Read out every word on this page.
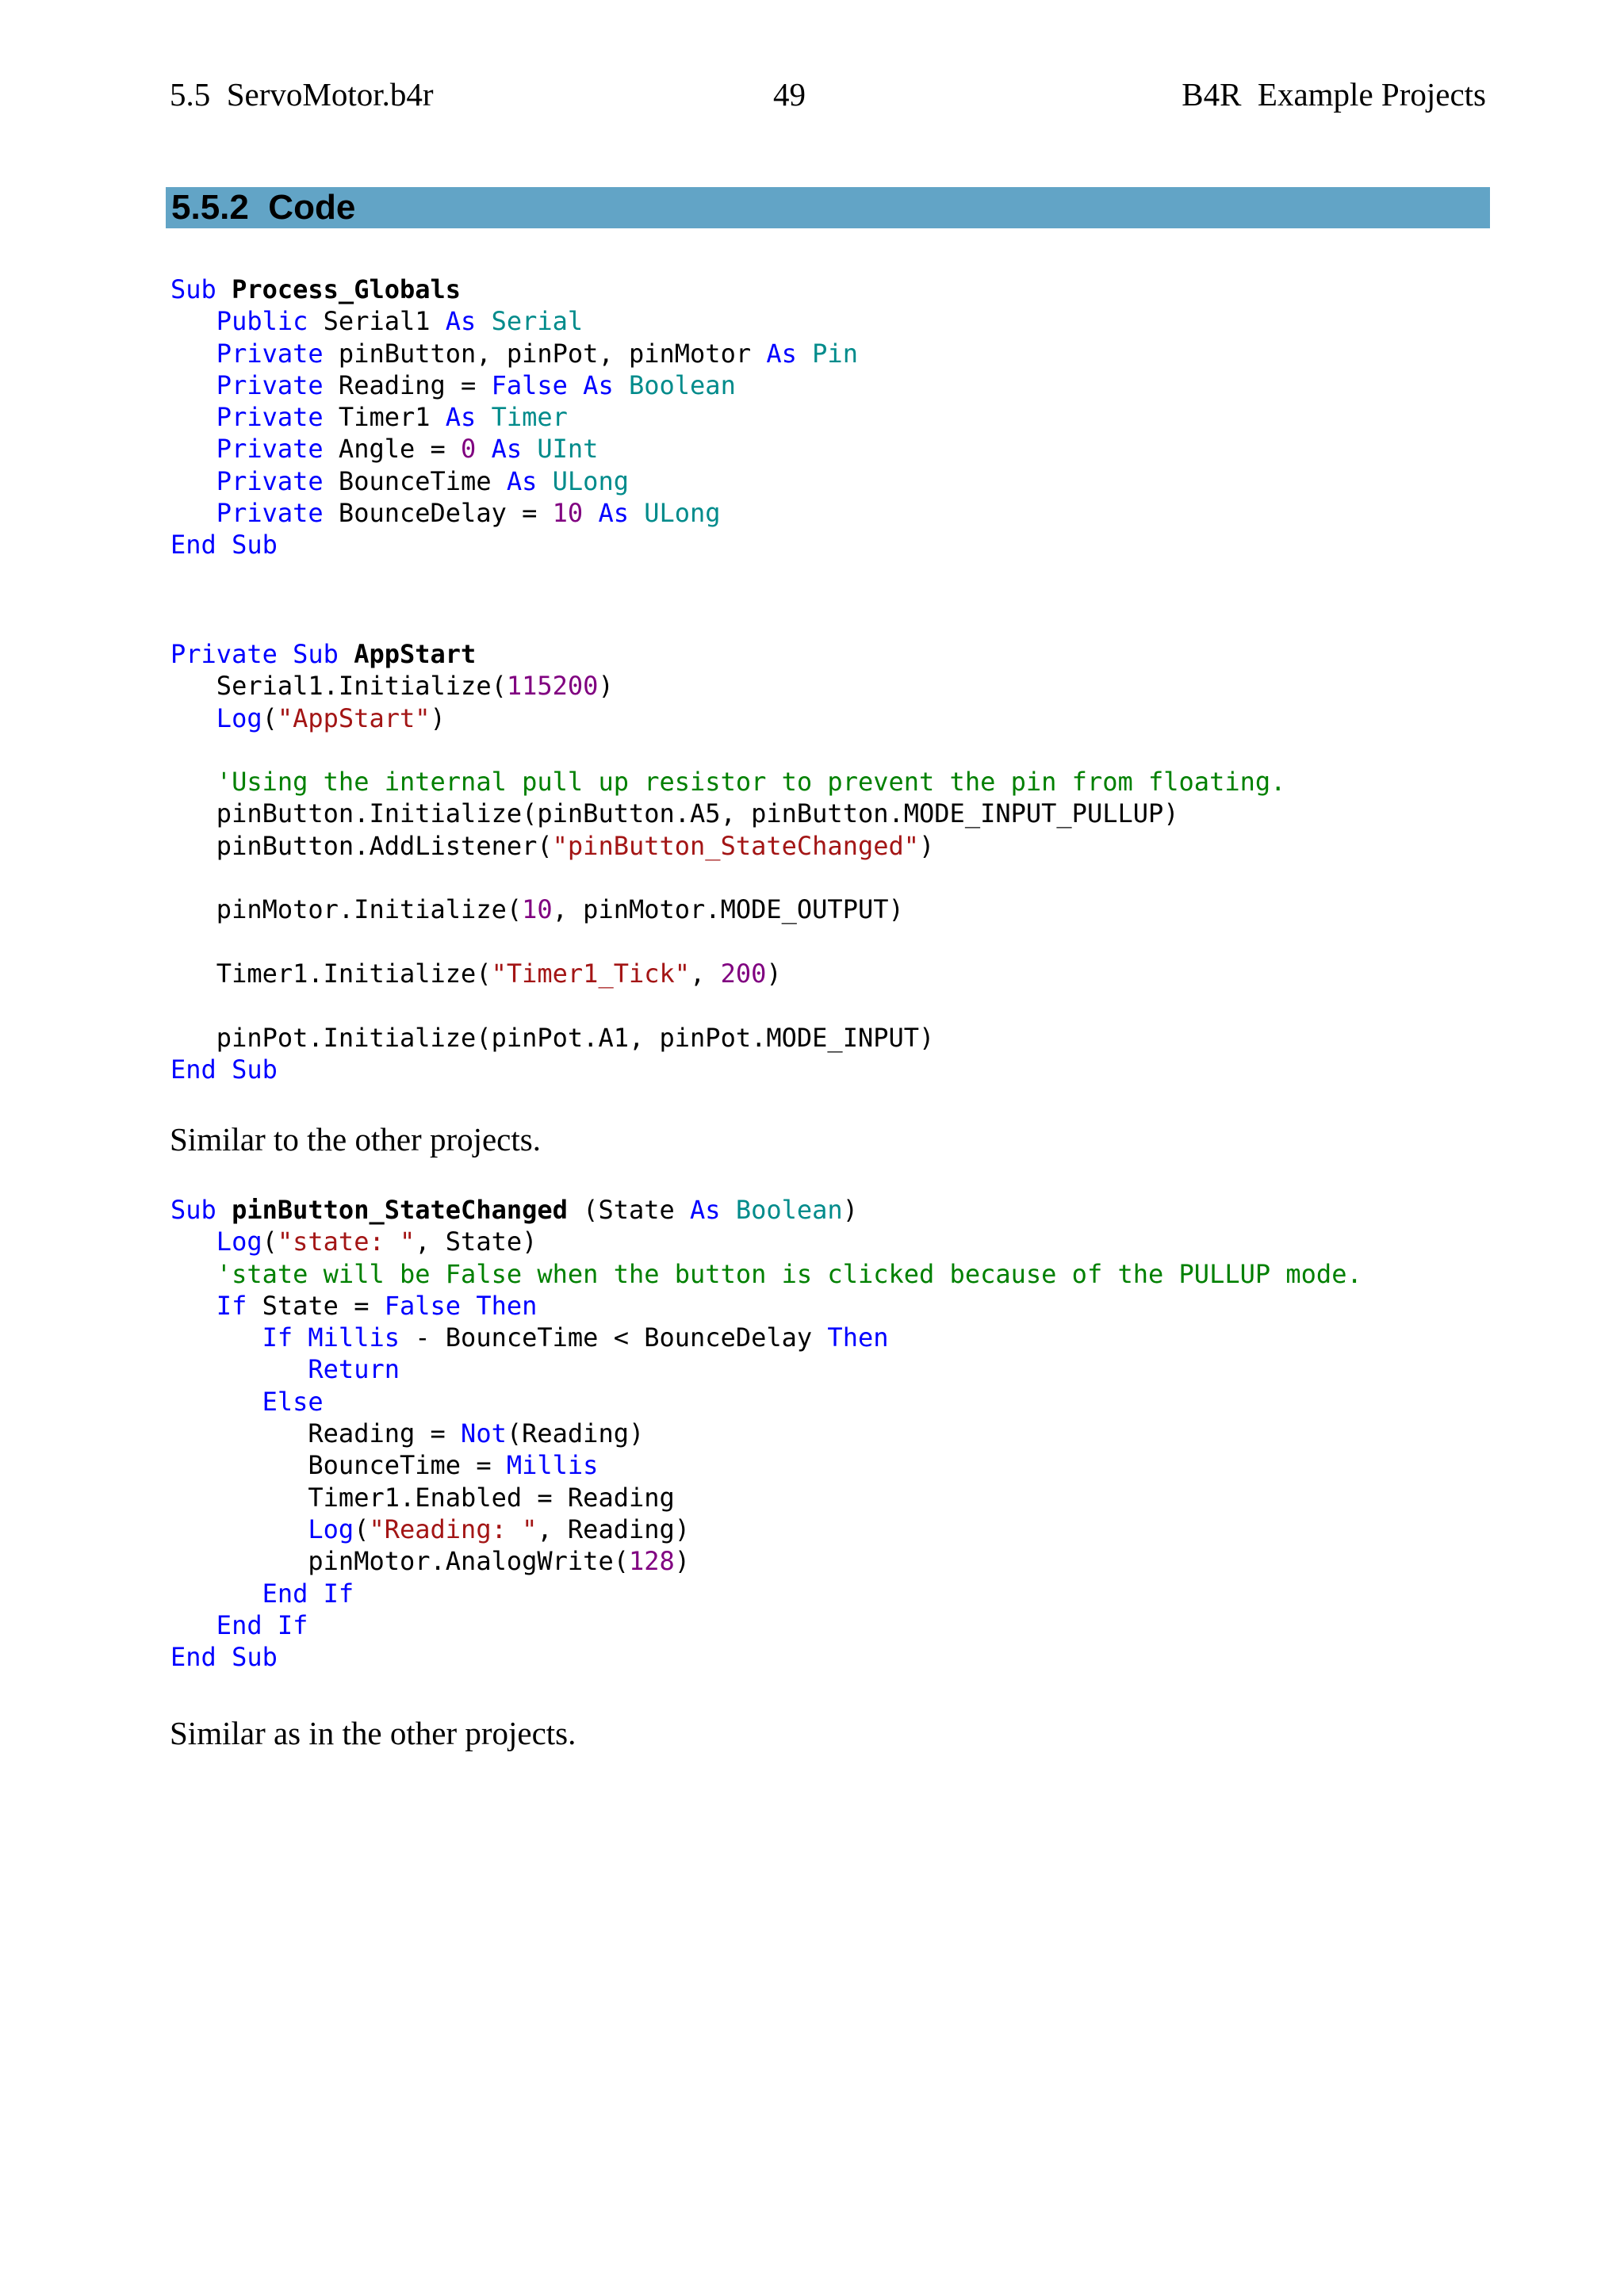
5.5  ServoMotor.b4r	49	B4R  Example Projects
5.5.2  Code
Sub Process_Globals
Public Serial1 As Serial
Private pinButton, pinPot, pinMotor As Pin
Private Reading = False As Boolean
Private Timer1 As Timer
Private Angle = 0 As UInt
Private BounceTime As ULong
Private BounceDelay = 10 As ULong
End Sub
Private Sub AppStart
Serial1.Initialize(115200)
Log("AppStart")
'Using the internal pull up resistor to prevent the pin from floating.
pinButton.Initialize(pinButton.A5, pinButton.MODE_INPUT_PULLUP)
pinButton.AddListener("pinButton_StateChanged")
pinMotor.Initialize(10, pinMotor.MODE_OUTPUT)
Timer1.Initialize("Timer1_Tick", 200)
pinPot.Initialize(pinPot.A1, pinPot.MODE_INPUT)
End Sub
Similar to the other projects.
Sub pinButton_StateChanged (State As Boolean)
Log("state: ", State)
'state will be False when the button is clicked because of the PULLUP mode.
If State = False Then
If Millis - BounceTime < BounceDelay Then
Return
Else
Reading = Not(Reading)
BounceTime = Millis
Timer1.Enabled = Reading
Log("Reading: ", Reading)
pinMotor.AnalogWrite(128)
End If
End If
End Sub
Similar as in the other projects.
